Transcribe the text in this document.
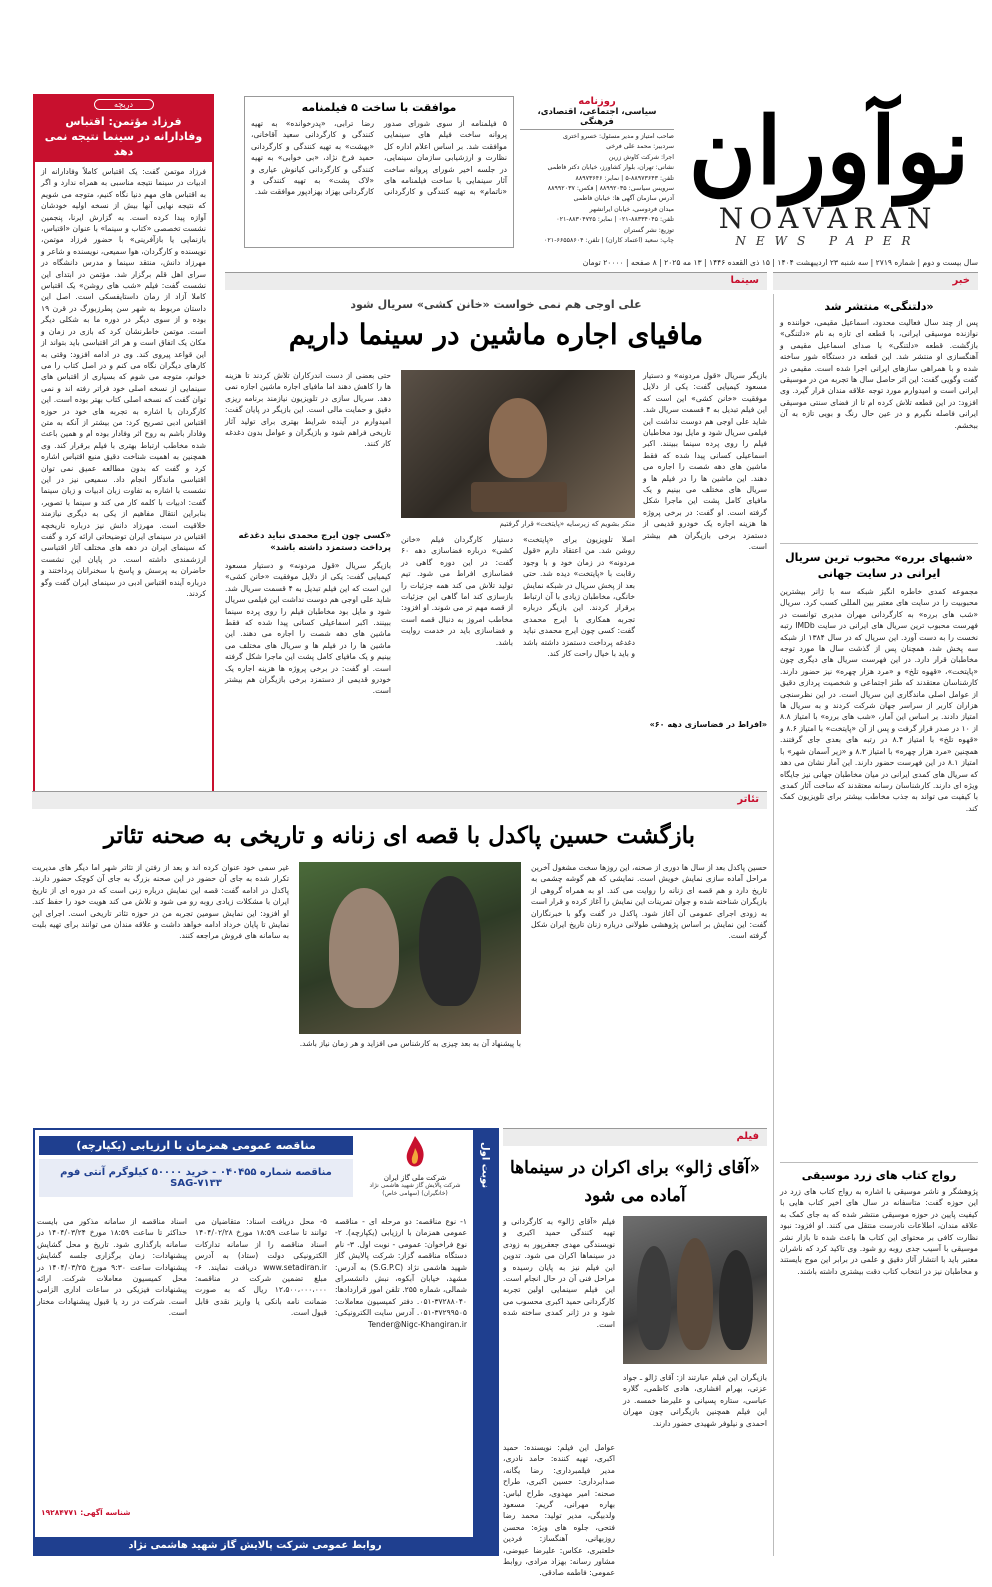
نوآوران
NOAVARAN
NEWS PAPER
روزنامه
سیاسی، اجتماعی، اقتصادی، فرهنگی
صاحب امتیاز و مدیر مسئول: خسرو اختری
سردبیر: محمد علی فرخی
اجرا: شرکت کاوش زرین
نشانی: تهران، بلوار کشاورز، خیابان دکتر فاطمی
تلفن: ۸۸۹۷۳۶۴۳-۵ | نمابر: ۸۸۹۷۳۶۴۶
سرویس سیاسی: ۸۸۹۹۲۰۳۵ | فکس: ۸۸۹۹۲۰۳۷
آدرس سازمان آگهی ها: خیابان فاطمی
میدان فردوسی، خیابان ایرانشهر
تلفن: ۸۸۳۳۴۰۴۵-۰۲۱ | نمابر: ۸۸۳۰۴۷۲۵-۰۲۱
توزیع: نشر گستران
چاپ: سعید (اعتماد کاران) | تلفن: ۶۶۵۵۸۶۰۴-۰۲۱
سال بیست و دوم | شماره ۲۷۱۹ | سه شنبه ۲۳ اردیبهشت ۱۴۰۴ | ۱۵ ذی القعده ۱۴۴۶ | ۱۳ مه ۲۰۲۵ | ۸ صفحه | ۲۰۰۰۰ تومان
موافقت با ساخت ۵ فیلمنامه
۵ فیلمنامه از سوی شورای صدور پروانه ساخت فیلم های سینمایی موافقت شد. بر اساس اعلام اداره کل نظارت و ارزشیابی سازمان سینمایی، در جلسه اخیر شورای پروانه ساخت آثار سینمایی با ساخت فیلمنامه های «ناتمام» به تهیه کنندگی و کارگردانی رضا ترابی، «پدرخوانده» به تهیه کنندگی و کارگردانی سعید آقاخانی، «بهشت» به تهیه کنندگی و کارگردانی حمید فرخ نژاد، «بی خوابی» به تهیه کنندگی و کارگردانی کیانوش عیاری و «لاک پشت» به تهیه کنندگی و کارگردانی بهزاد بهزادپور موافقت شد.
دریچه
فرزاد مؤتمن: اقتباس وفادارانه در سینما نتیجه نمی دهد
فرزاد موتمن گفت: یک اقتباس کاملاً وفادارانه از ادبیات در سینما نتیجه مناسبی به همراه ندارد و اگر به اقتباس های مهم دنیا نگاه کنیم، متوجه می شویم که نتیجه نهایی آنها بیش از نسخه اولیه خودشان آوازه پیدا کرده است. به گزارش ایرنا، پنجمین نشست تخصصی «کتاب و سینما» با عنوان «اقتباس، بازنمایی یا بازآفرینی» با حضور فرزاد موتمن، نویسنده و کارگردان، هوا سمیعی، نویسنده و شاعر و مهرزاد دانش، منتقد سینما و مدرس دانشگاه در سرای اهل قلم برگزار شد. مؤتمن در ابتدای این نشست گفت: فیلم «شب های روشن» یک اقتباس کاملا آزاد از رمان داستایفسکی است. اصل این داستان مربوط به شهر سن پطرزبورگ در قرن ۱۹ بوده و از سوی دیگر در دوره ما به شکلی دیگر است. موتمن خاطرنشان کرد که بازی در زمان و مکان یک اتفاق است و هر اثر اقتباسی باید بتواند از این قواعد پیروی کند. وی در ادامه افزود: وقتی به کارهای دیگران نگاه می کنم و در اصل کتاب را می خوانم، متوجه می شوم که بسیاری از اقتباس های سینمایی از نسخه اصلی خود فراتر رفته اند و نمی توان گفت که نسخه اصلی کتاب بهتر بوده است. این کارگردان با اشاره به تجربه های خود در حوزه اقتباس ادبی تصریح کرد: من بیشتر از آنکه به متن وفادار باشم به روح اثر وفادار بوده ام و همین باعث شده مخاطب ارتباط بهتری با فیلم برقرار کند. وی همچنین به اهمیت شناخت دقیق منبع اقتباس اشاره کرد و گفت که بدون مطالعه عمیق نمی توان اقتباسی ماندگار انجام داد. سمیعی نیز در این نشست با اشاره به تفاوت زبان ادبیات و زبان سینما گفت: ادبیات با کلمه کار می کند و سینما با تصویر، بنابراین انتقال مفاهیم از یکی به دیگری نیازمند خلاقیت است. مهرزاد دانش نیز درباره تاریخچه اقتباس در سینمای ایران توضیحاتی ارائه کرد و گفت که سینمای ایران در دهه های مختلف آثار اقتباسی ارزشمندی داشته است. در پایان این نشست حاضران به پرسش و پاسخ با سخنرانان پرداختند و درباره آینده اقتباس ادبی در سینمای ایران گفت وگو کردند.
سینما	خبر
علی اوجی هم نمی خواست «خانن کشی» سریال شود
مافیای اجاره ماشین در سینما داریم
بازیگر سریال «قول مردونه» و دستیار مسعود کیمیایی گفت: یکی از دلایل موفقیت «خانن کشی» این است که این فیلم تبدیل به ۴ قسمت سریال شد. شاید علی اوجی هم دوست نداشت این فیلمی سریال شود و مایل بود مخاطبان فیلم را روی پرده سینما ببینند. اکبر اسماعیلی کسانی پیدا شده که فقط ماشین های دهه شصت را اجاره می دهند. این ماشین ها را در فیلم ها و سریال های مختلف می بینیم و یک مافیای کامل پشت این ماجرا شکل گرفته است. او گفت: در برخی پروژه ها هزینه اجاره یک خودرو قدیمی از دستمزد برخی بازیگران هم بیشتر است.
«افراط در فضاسازی دهه ۶۰»
منکر بشویم که زیرسایه «پایتخت» قرار گرفتیم
اصلا تلویزیون برای «پایتخت» روشن شد. من اعتقاد دارم «قول مردونه» در زمان خود و با وجود رقابت با «پایتخت» دیده شد. حتی بعد از پخش سریال در شبکه نمایش خانگی، مخاطبان زیادی با آن ارتباط برقرار کردند. این بازیگر درباره تجربه همکاری با ایرج محمدی گفت: کسی چون ایرج محمدی نباید دغدغه پرداخت دستمزد داشته باشد و باید با خیال راحت کار کند.
دستیار کارگردان فیلم «خانن کشی» درباره فضاسازی دهه ۶۰ گفت: در این دوره گاهی در فضاسازی افراط می شود. تیم تولید تلاش می کند همه جزئیات را بازسازی کند اما گاهی این جزئیات از قصه مهم تر می شوند. او افزود: مخاطب امروز به دنبال قصه است و فضاسازی باید در خدمت روایت باشد.
حتی بعضی از دست اندرکاران تلاش کردند تا هزینه ها را کاهش دهند اما مافیای اجاره ماشین اجازه نمی دهد. سریال سازی در تلویزیون نیازمند برنامه ریزی دقیق و حمایت مالی است. این بازیگر در پایان گفت: امیدوارم در آینده شرایط بهتری برای تولید آثار تاریخی فراهم شود و بازیگران و عوامل بدون دغدغه کار کنند.
«کسی چون ایرج محمدی نباید دغدغه پرداخت دستمزد داشته باشد»
بازیگر سریال «قول مردونه» و دستیار مسعود کیمیایی گفت: یکی از دلایل موفقیت «خانن کشی» این است که این فیلم تبدیل به ۴ قسمت سریال شد. شاید علی اوجی هم دوست نداشت این فیلمی سریال شود و مایل بود مخاطبان فیلم را روی پرده سینما ببینند. اکبر اسماعیلی کسانی پیدا شده که فقط ماشین های دهه شصت را اجاره می دهند. این ماشین ها را در فیلم ها و سریال های مختلف می بینیم و یک مافیای کامل پشت این ماجرا شکل گرفته است. او گفت: در برخی پروژه ها هزینه اجاره یک خودرو قدیمی از دستمزد برخی بازیگران هم بیشتر است.
تئاتر
بازگشت حسین پاکدل با قصه ای زنانه و تاریخی به صحنه تئاتر
حسین پاکدل بعد از سال ها دوری از صحنه، این روزها سخت مشغول آخرین مراحل آماده سازی نمایش خویش است. نمایشی که هم گوشه چشمی به تاریخ دارد و هم قصه ای زنانه را روایت می کند. او به همراه گروهی از بازیگران شناخته شده و جوان تمرینات این نمایش را آغاز کرده و قرار است به زودی اجرای عمومی آن آغاز شود. پاکدل در گفت وگو با خبرنگاران گفت: این نمایش بر اساس پژوهشی طولانی درباره زنان تاریخ ایران شکل گرفته است.
با پیشنهاد آن به بعد چیزی به کارشناس می افزاید و هر زمان نیاز باشد.
غیر سمی خود عنوان کرده اند و بعد از رفتن از تئاتر شهر اما دیگر های مدیریت تکرار شده به جای آن حضور در این صحنه بزرگ به جای آن کوچک حضور دارند. پاکدل در ادامه گفت: قصه این نمایش درباره زنی است که در دوره ای از تاریخ ایران با مشکلات زیادی روبه رو می شود و تلاش می کند هویت خود را حفظ کند. او افزود: این نمایش سومین تجربه من در حوزه تئاتر تاریخی است. اجرای این نمایش تا پایان خرداد ادامه خواهد داشت و علاقه مندان می توانند برای تهیه بلیت به سامانه های فروش مراجعه کنند.
«دلتنگی» منتشر شد
پس از چند سال فعالیت محدود، اسماعیل مقیمی، خواننده و نوازنده موسیقی ایرانی، با قطعه ای تازه به نام «دلتنگی» بازگشت. قطعه «دلتنگی» با صدای اسماعیل مقیمی و آهنگسازی او منتشر شد. این قطعه در دستگاه شور ساخته شده و با همراهی سازهای ایرانی اجرا شده است. مقیمی در گفت وگویی گفت: این اثر حاصل سال ها تجربه من در موسیقی ایرانی است و امیدوارم مورد توجه علاقه مندان قرار گیرد. وی افزود: در این قطعه تلاش کرده ام تا از فضای سنتی موسیقی ایرانی فاصله نگیرم و در عین حال رنگ و بویی تازه به آن ببخشم.
«شبهای برره» محبوب ترین سریال ایرانی در سایت جهانی
مجموعه کمدی خاطره انگیز شبکه سه با ژانر بیشترین محبوبیت را در سایت های معتبر بین المللی کسب کرد. سریال «شب های برره» به کارگردانی مهران مدیری توانست در فهرست محبوب ترین سریال های ایرانی در سایت IMDb رتبه نخست را به دست آورد. این سریال که در سال ۱۳۸۴ از شبکه سه پخش شد، همچنان پس از گذشت سال ها مورد توجه مخاطبان قرار دارد. در این فهرست سریال های دیگری چون «پایتخت»، «قهوه تلخ» و «مرد هزار چهره» نیز حضور دارند. کارشناسان معتقدند که طنز اجتماعی و شخصیت پردازی دقیق از عوامل اصلی ماندگاری این سریال است. در این نظرسنجی هزاران کاربر از سراسر جهان شرکت کردند و به سریال ها امتیاز دادند. بر اساس این آمار، «شب های برره» با امتیاز ۸.۸ از ۱۰ در صدر قرار گرفت و پس از آن «پایتخت» با امتیاز ۸.۶ و «قهوه تلخ» با امتیاز ۸.۴ در رتبه های بعدی جای گرفتند. همچنین «مرد هزار چهره» با امتیاز ۸.۳ و «زیر آسمان شهر» با امتیاز ۸.۱ در این فهرست حضور دارند. این آمار نشان می دهد که سریال های کمدی ایرانی در میان مخاطبان جهانی نیز جایگاه ویژه ای دارند. کارشناسان رسانه معتقدند که ساخت آثار کمدی با کیفیت می تواند به جذب مخاطب بیشتر برای تلویزیون کمک کند.
رواج کتاب های زرد موسیقی
پژوهشگر و ناشر موسیقی با اشاره به رواج کتاب های زرد در این حوزه گفت: متاسفانه در سال های اخیر کتاب هایی با کیفیت پایین در حوزه موسیقی منتشر شده که به جای کمک به علاقه مندان، اطلاعات نادرست منتقل می کنند. او افزود: نبود نظارت کافی بر محتوای این کتاب ها باعث شده تا بازار نشر موسیقی با آسیب جدی روبه رو شود. وی تاکید کرد که ناشران معتبر باید با انتشار آثار دقیق و علمی در برابر این موج بایستند و مخاطبان نیز در انتخاب کتاب دقت بیشتری داشته باشند.
نوبت اول
شرکت ملی گاز ایران
شرکت پالایش گاز شهید هاشمی نژاد (خانگیران) (سهامی خاص)
مناقصه عمومی همزمان با ارزیابی (یکپارچه)
مناقصه شماره ۰۴۰۴۵۵ - خرید ۵۰۰۰۰ کیلوگرم آنتی فوم SAG-۷۱۳۳
۱- نوع مناقصه: دو مرحله ای - مناقصه عمومی همزمان با ارزیابی (یکپارچه). ۲- نوع فراخوان: عمومی - نوبت اول. ۳- نام دستگاه مناقصه گزار: شرکت پالایش گاز شهید هاشمی نژاد (S.G.P.C) به آدرس: مشهد، خیابان آبکوه، نبش دانشسرای شمالی، شماره ۲۵۵. تلفن امور قراردادها: ۳۷۲۸۸۰۴۰-۰۵۱. دفتر کمیسیون معاملات: ۳۷۲۹۹۵۰۵-۰۵۱. آدرس سایت الکترونیکی: Tender@Nigc-Khangiran.ir
۵- محل دریافت اسناد: متقاضیان می توانند تا ساعت ۱۸:۵۹ مورخ ۱۴۰۴/۰۲/۲۸ اسناد مناقصه را از سامانه تدارکات الکترونیکی دولت (ستاد) به آدرس www.setadiran.ir دریافت نمایند. ۶- مبلغ تضمین شرکت در مناقصه: ۱۲،۵۰۰،۰۰۰،۰۰۰ ریال که به صورت ضمانت نامه بانکی یا واریز نقدی قابل قبول است.
اسناد مناقصه از سامانه مذکور می بایست حداکثر تا ساعت ۱۸:۵۹ مورخ ۱۴۰۴/۰۳/۲۴ در سامانه بارگذاری شود. تاریخ و محل گشایش پیشنهادات: زمان برگزاری جلسه گشایش پیشنهادات ساعت ۹:۳۰ مورخ ۱۴۰۴/۰۳/۲۵ در محل کمیسیون معاملات شرکت. ارائه پیشنهادات فیزیکی در ساعات اداری الزامی است. شرکت در رد یا قبول پیشنهادات مختار است.
شناسه آگهی: ۱۹۲۸۴۷۷۱
روابط عمومی شرکت پالایش گاز شهید هاشمی نژاد
فیلم
«آقای ژالو» برای اکران در سینماها آماده می شود
فیلم «آقای ژالو» به کارگردانی و تهیه کنندگی حمید اکبری و نویسندگی مهدی جعفرپور به زودی در سینماها اکران می شود. تدوین این فیلم نیز به پایان رسیده و مراحل فنی آن در حال انجام است. این فیلم سینمایی اولین تجربه کارگردانی حمید اکبری محسوب می شود و در ژانر کمدی ساخته شده است.
بازیگران این فیلم عبارتند از: آقای ژالو ـ جواد عزتی، بهرام افشاری، هادی کاظمی، گلاره عباسی، ستاره پسیانی و علیرضا خمسه. در این فیلم همچنین بازیگرانی چون مهران احمدی و نیلوفر شهیدی حضور دارند.
عوامل این فیلم: نویسنده: حمید اکبری، تهیه کننده: حامد نادری، مدیر فیلمبرداری: رضا یگانه، صدابرداری: حسین اکبری، طراح صحنه: امیر مهدوی، طراح لباس: بهاره مهرانی، گریم: مسعود ولدبیگی، مدیر تولید: محمد رضا فتحی، جلوه های ویژه: محسن روزبهانی، آهنگساز: فردین خلعتبری، عکاس: علیرضا عیوضی، مشاور رسانه: بهزاد مرادی، روابط عمومی: فاطمه صادقی.
